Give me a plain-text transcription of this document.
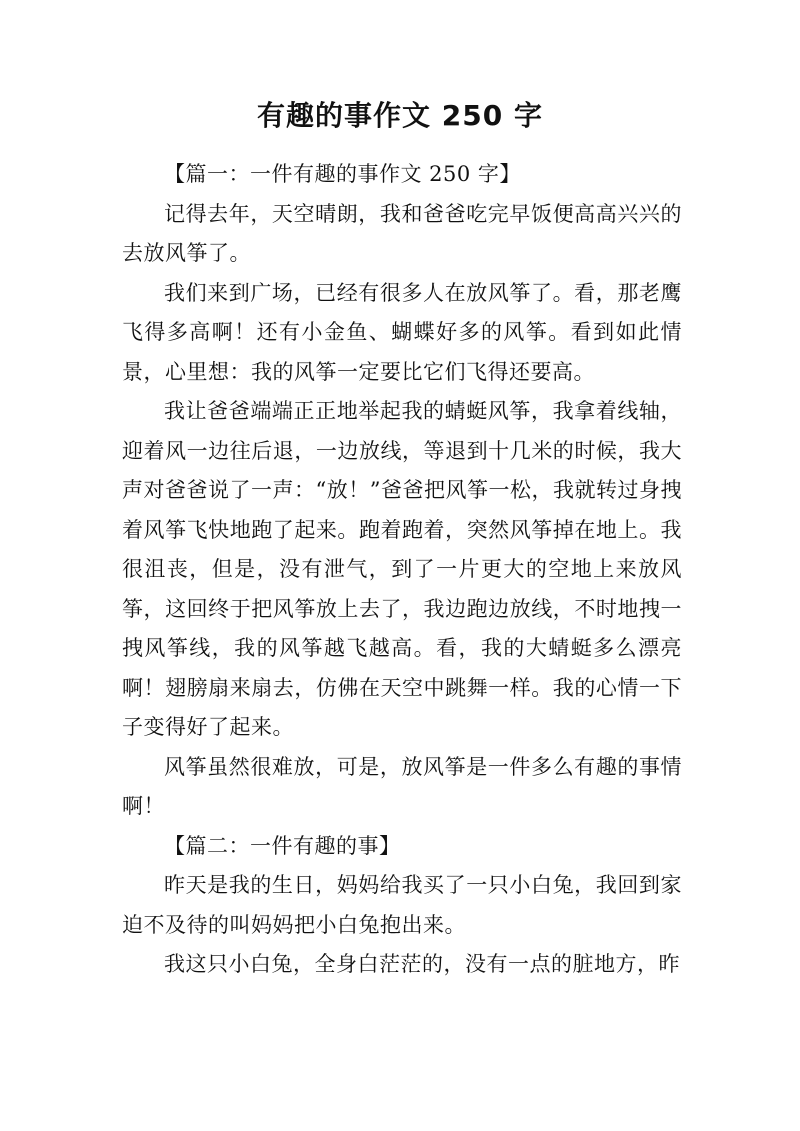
有趣的事作文 250 字

【篇一：一件有趣的事作文 250 字】

记得去年，天空晴朗，我和爸爸吃完早饭便高高兴兴的去放风筝了。

我们来到广场，已经有很多人在放风筝了。看，那老鹰飞得多高啊！还有小金鱼、蝴蝶好多的风筝。看到如此情景，心里想：我的风筝一定要比它们飞得还要高。

我让爸爸端端正正地举起我的蜻蜓风筝，我拿着线轴，迎着风一边往后退，一边放线，等退到十几米的时候，我大声对爸爸说了一声：“放！”爸爸把风筝一松，我就转过身拽着风筝飞快地跑了起来。跑着跑着，突然风筝掉在地上。我很沮丧，但是，没有泄气，到了一片更大的空地上来放风筝，这回终于把风筝放上去了，我边跑边放线，不时地拽一拽风筝线，我的风筝越飞越高。看，我的大蜻蜓多么漂亮啊！翅膀扇来扇去，仿佛在天空中跳舞一样。我的心情一下子变得好了起来。

风筝虽然很难放，可是，放风筝是一件多么有趣的事情啊！

【篇二：一件有趣的事】

昨天是我的生日，妈妈给我买了一只小白兔，我回到家迫不及待的叫妈妈把小白兔抱出来。

我这只小白兔，全身白茫茫的，没有一点的脏地方，昨
